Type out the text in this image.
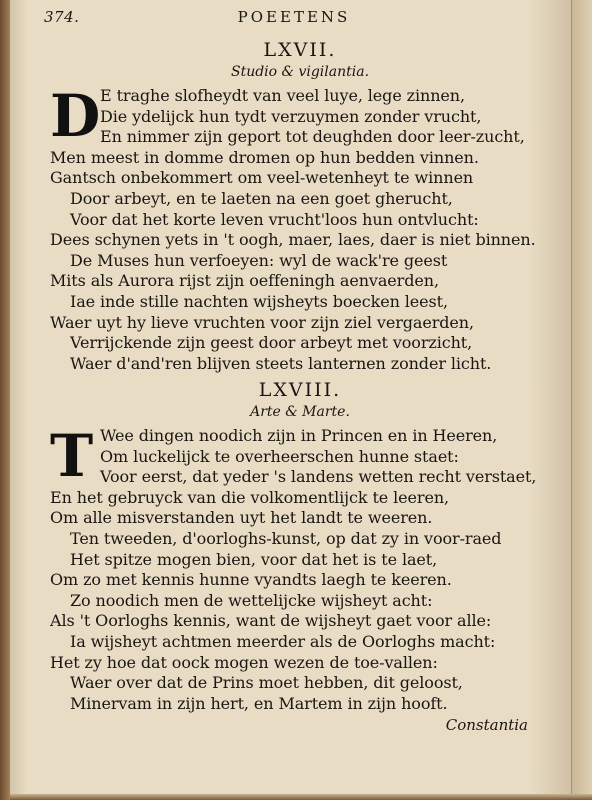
374.	POEETENS
LXVII.
Studio & vigilantia.
D E traghe slofheydt van veel luye, lege zinnen,
Die ydelijck hun tydt verzuymen zonder vrucht,
En nimmer zijn geport tot deughden door leer-zucht,
Men meest in domme dromen op hun bedden vinnen.
Gantsch onbekommert om veel-wetenheyt te winnen
Door arbeyt, en te laeten na een goet gherucht,
Voor dat het korte leven vrucht'loos hun ontvlucht:
Dees schynen yets in 't oogh, maer, laes, daer is niet binnen.
De Muses hun verfoeyen: wyl de wack're geest
Mits als Aurora rijst zijn oeffeningh aenvaerden,
Iae inde stille nachten wijsheyts boecken leest,
Waer uyt hy lieve vruchten voor zijn ziel vergaerden,
Verrijckende zijn geest door arbeyt met voorzicht,
Waer d'and'ren blijven steets lanternen zonder licht.
LXVIII.
Arte & Marte.
T Wee dingen noodich zijn in Princen en in Heeren,
Om luckelijck te overheerschen hunne staet:
Voor eerst, dat yeder 's landens wetten recht verstaet,
En het gebruyck van die volkomentlijck te leeren,
Om alle misverstanden uyt het landt te weeren.
Ten tweeden, d'oorloghs-kunst, op dat zy in voor-raed
Het spitze mogen bien, voor dat het is te laet,
Om zo met kennis hunne vyandts laegh te keeren.
Zo noodich men de wettelijcke wijsheyt acht:
Als 't Oorloghs kennis, want de wijsheyt gaet voor alle:
Ia wijsheyt achtmen meerder als de Oorloghs macht:
Het zy hoe dat oock mogen wezen de toe-vallen:
Waer over dat de Prins moet hebben, dit geloost,
Minervam in zijn hert, en Martem in zijn hooft.
Constantia
